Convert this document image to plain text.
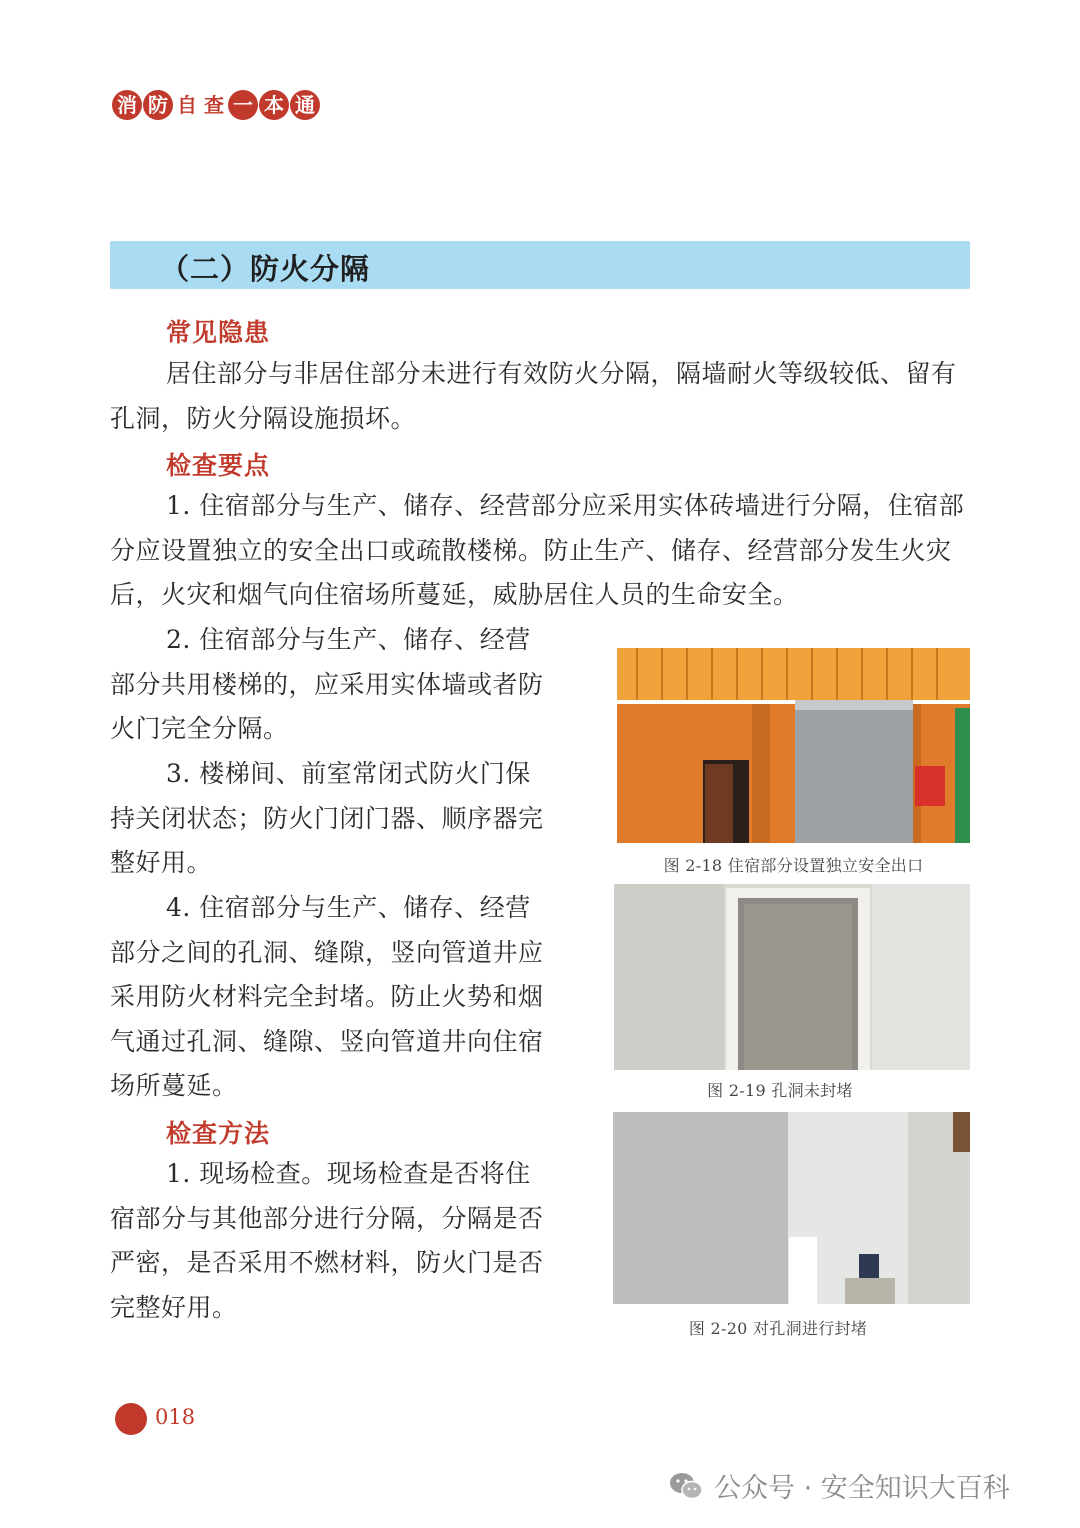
消 防 自 查 一 本 通
（二）防火分隔
常见隐患

居住部分与非居住部分未进行有效防火分隔，隔墙耐火等级较低、留有孔洞，防火分隔设施损坏。

检查要点

1. 住宿部分与生产、储存、经营部分应采用实体砖墙进行分隔，住宿部分应设置独立的安全出口或疏散楼梯。防止生产、储存、经营部分发生火灾后，火灾和烟气向住宿场所蔓延，威胁居住人员的生命安全。

2. 住宿部分与生产、储存、经营部分共用楼梯的，应采用实体墙或者防火门完全分隔。

3. 楼梯间、前室常闭式防火门保持关闭状态；防火门闭门器、顺序器完整好用。

4. 住宿部分与生产、储存、经营部分之间的孔洞、缝隙，竖向管道井应采用防火材料完全封堵。防止火势和烟气通过孔洞、缝隙、竖向管道井向住宿场所蔓延。

检查方法

1. 现场检查。现场检查是否将住宿部分与其他部分进行分隔，分隔是否严密，是否采用不燃材料，防火门是否完整好用。

图 2-18 住宿部分设置独立安全出口
图 2-19 孔洞未封堵
图 2-20 对孔洞进行封堵
018
公众号 · 安全知识大百科
